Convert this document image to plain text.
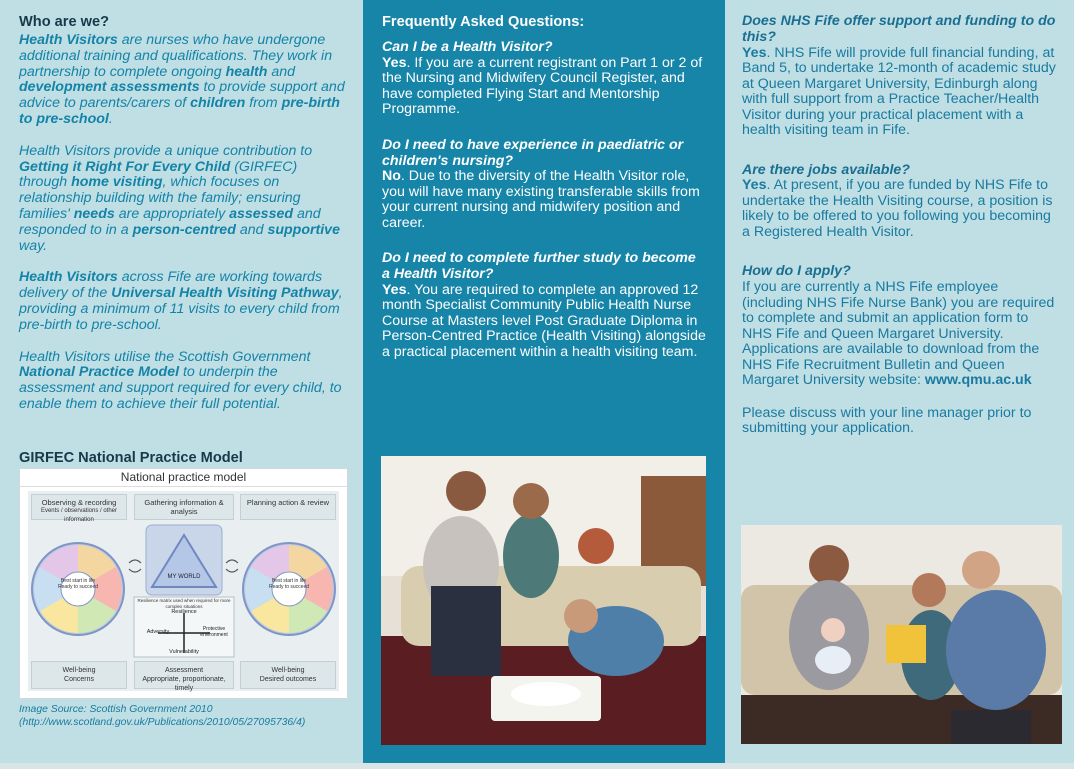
Who are we?

Health Visitors are nurses who have undergone additional training and qualifications. They work in partnership to complete ongoing health and development assessments to provide support and advice to parents/carers of children from pre-birth to pre-school.

Health Visitors provide a unique contribution to Getting it Right For Every Child (GIRFEC) through home visiting, which focuses on relationship building with the family; ensuring families' needs are appropriately assessed and responded to in a person-centred and supportive way.

Health Visitors across Fife are working towards delivery of the Universal Health Visiting Pathway, providing a minimum of 11 visits to every child from pre-birth to pre-school.

Health Visitors utilise the Scottish Government National Practice Model to underpin the assessment and support required for every child, to enable them to achieve their full potential.

GIRFEC National Practice Model
National practice model
Observing & recording
Events / observations / other information
Gathering information & analysis
Planning action & review
Best start in life Ready to succeed
Best start in life Ready to succeed
MY WORLD
Resilience matrix used when required for more complex situations
Resilience
Adversity	Protective environment
Vulnerability
Well-being
Concerns
Assessment
Appropriate, proportionate, timely
Well-being
Desired outcomes
Image Source: Scottish Government 2010
(http://www.scotland.gov.uk/Publications/2010/05/27095736/4)
Frequently Asked Questions:

Can I be a Health Visitor?

Yes. If you are a current registrant on Part 1 or 2 of the Nursing and Midwifery Council Register, and have completed Flying Start and Mentorship Programme.

Do I need to have experience in paediatric or children's nursing?

No. Due to the diversity of the Health Visitor role, you will have many existing transferable skills from your current nursing and midwifery position and career.

Do I need to complete further study to become a Health Visitor?

Yes. You are required to complete an approved 12 month Specialist Community Public Health Nurse Course at Masters level Post Graduate Diploma in Person-Centred Practice (Health Visiting) alongside a practical placement within a health visiting team.

Does NHS Fife offer support and funding to do this?

Yes. NHS Fife will provide full financial funding, at Band 5, to undertake 12-month of academic study at Queen Margaret University, Edinburgh along with full support from a Practice Teacher/Health Visitor during your practical placement with a health visiting team in Fife.

Are there jobs available?

Yes. At present, if you are funded by NHS Fife to undertake the Health Visiting course, a position is likely to be offered to you following you becoming a Registered Health Visitor.

How do I apply?

If you are currently a NHS Fife employee (including NHS Fife Nurse Bank) you are required to complete and submit an application form to NHS Fife and Queen Margaret University. Applications are available to download from the NHS Fife Recruitment Bulletin and Queen Margaret University website: www.qmu.ac.uk

Please discuss with your line manager prior to submitting your application.
